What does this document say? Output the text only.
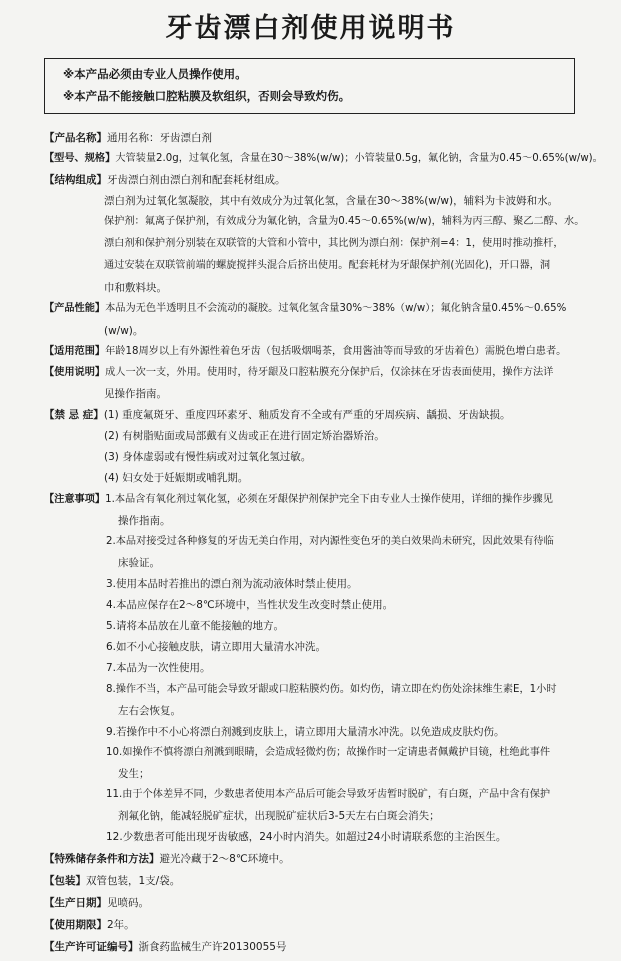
牙齿漂白剂使用说明书
※本产品必须由专业人员操作使用。
※本产品不能接触口腔粘膜及软组织，否则会导致灼伤。
【产品名称】通用名称：牙齿漂白剂
【型号、规格】大管装量2.0g，过氧化氢，含量在30～38%(w/w)；小管装量0.5g，氟化钠，含量为0.45～0.65%(w/w)。
【结构组成】牙齿漂白剂由漂白剂和配套耗材组成。
漂白剂为过氧化氢凝胶，其中有效成分为过氧化氢，含量在30～38%(w/w)，辅料为卡波姆和水。
保护剂：氟离子保护剂，有效成分为氟化钠，含量为0.45～0.65%(w/w)，辅料为丙三醇、聚乙二醇、水。
漂白剂和保护剂分别装在双联管的大管和小管中，其比例为漂白剂：保护剂=4：1，使用时推动推杆，
通过安装在双联管前端的螺旋搅拌头混合后挤出使用。配套耗材为牙龈保护剂(光固化)，开口器，洞
巾和敷料块。
【产品性能】本品为无色半透明且不会流动的凝胶。过氧化氢含量30%～38%（w/w）；氟化钠含量0.45%～0.65%
(w/w)。
【适用范围】年龄18周岁以上有外源性着色牙齿（包括吸烟喝茶，食用酱油等而导致的牙齿着色）需脱色增白患者。
【使用说明】成人一次一支，外用。使用时，待牙龈及口腔粘膜充分保护后，仅涂抹在牙齿表面使用，操作方法详
见操作指南。
【禁 忌 症】(1) 重度氟斑牙、重度四环素牙、釉质发育不全或有严重的牙周疾病、龋损、牙齿缺损。
(2) 有树脂贴面或局部戴有义齿或正在进行固定矫治器矫治。
(3) 身体虚弱或有慢性病或对过氧化氢过敏。
(4) 妇女处于妊娠期或哺乳期。
【注意事项】1.本品含有氧化剂过氧化氢，必须在牙龈保护剂保护完全下由专业人士操作使用，详细的操作步骤见
操作指南。
2.本品对接受过各种修复的牙齿无美白作用，对内源性变色牙的美白效果尚未研究，因此效果有待临
床验证。
3.使用本品时若推出的漂白剂为流动液体时禁止使用。
4.本品应保存在2～8℃环境中，当性状发生改变时禁止使用。
5.请将本品放在儿童不能接触的地方。
6.如不小心接触皮肤，请立即用大量清水冲洗。
7.本品为一次性使用。
8.操作不当，本产品可能会导致牙龈或口腔粘膜灼伤。如灼伤，请立即在灼伤处涂抹维生素E，1小时
左右会恢复。
9.若操作中不小心将漂白剂溅到皮肤上，请立即用大量清水冲洗。以免造成皮肤灼伤。
10.如操作不慎将漂白剂溅到眼睛，会造成轻微灼伤；故操作时一定请患者佩戴护目镜，杜绝此事件
发生；
11.由于个体差异不同，少数患者使用本产品后可能会导致牙齿暂时脱矿，有白斑，产品中含有保护
剂氟化钠，能减轻脱矿症状，出现脱矿症状后3-5天左右白斑会消失；
12.少数患者可能出现牙齿敏感，24小时内消失。如超过24小时请联系您的主治医生。
【特殊储存条件和方法】避光冷藏于2～8℃环境中。
【包装】双管包装，1支/袋。
【生产日期】见喷码。
【使用期限】2年。
【生产许可证编号】浙食药监械生产许20130055号
